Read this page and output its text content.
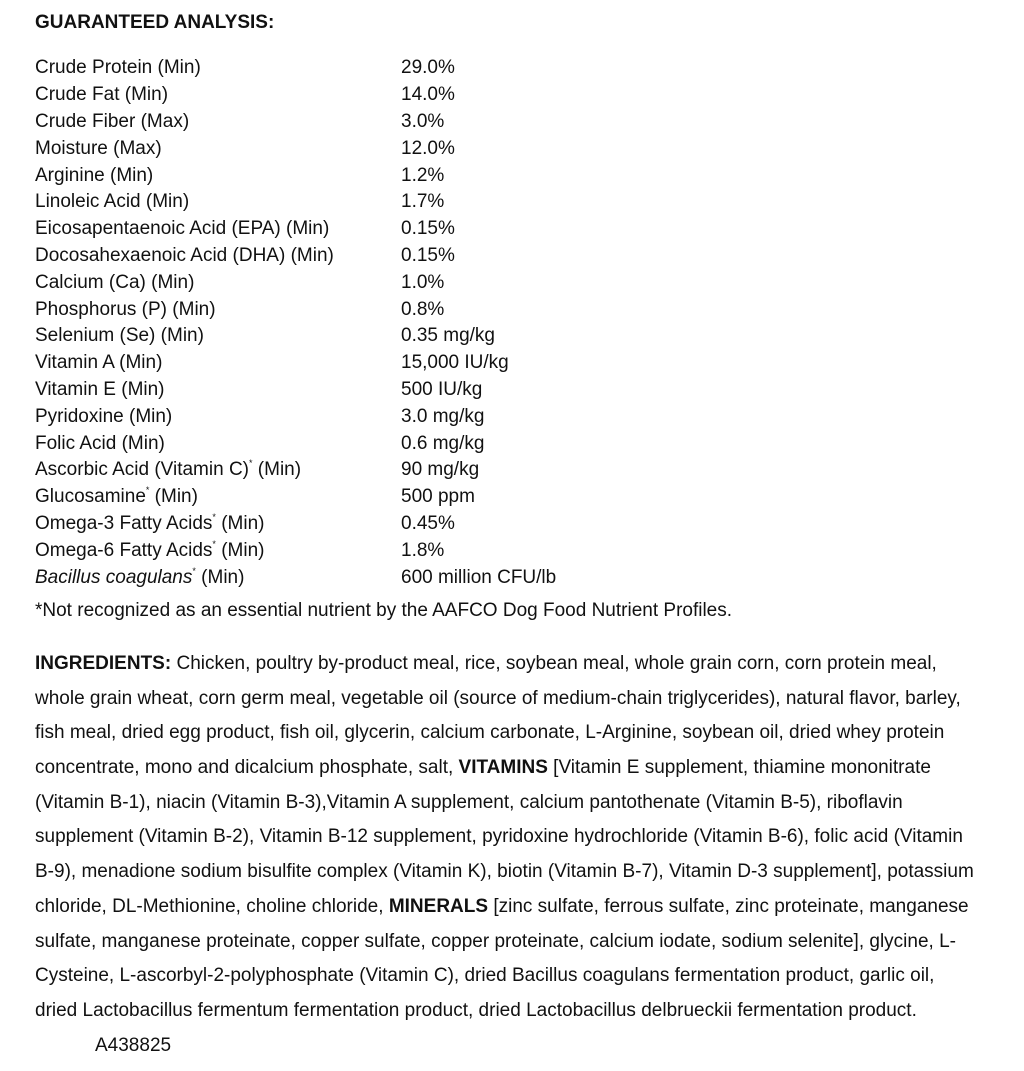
GUARANTEED ANALYSIS:
Crude Protein (Min)	29.0%
Crude Fat (Min)	14.0%
Crude Fiber (Max)	3.0%
Moisture (Max)	12.0%
Arginine (Min)	1.2%
Linoleic Acid (Min)	1.7%
Eicosapentaenoic Acid (EPA) (Min)	0.15%
Docosahexaenoic Acid (DHA) (Min)	0.15%
Calcium (Ca) (Min)	1.0%
Phosphorus (P) (Min)	0.8%
Selenium (Se) (Min)	0.35 mg/kg
Vitamin A (Min)	15,000 IU/kg
Vitamin E (Min)	500 IU/kg
Pyridoxine (Min)	3.0 mg/kg
Folic Acid (Min)	0.6 mg/kg
Ascorbic Acid (Vitamin C)* (Min)	90 mg/kg
Glucosamine* (Min)	500 ppm
Omega-3 Fatty Acids* (Min)	0.45%
Omega-6 Fatty Acids* (Min)	1.8%
Bacillus coagulans* (Min)	600 million CFU/lb
*Not recognized as an essential nutrient by the AAFCO Dog Food Nutrient Profiles.
INGREDIENTS: Chicken, poultry by-product meal, rice, soybean meal, whole grain corn, corn protein meal, whole grain wheat, corn germ meal, vegetable oil (source of medium-chain triglycerides), natural flavor, barley, fish meal, dried egg product, fish oil, glycerin, calcium carbonate, L-Arginine, soybean oil, dried whey protein concentrate, mono and dicalcium phosphate, salt, VITAMINS [Vitamin E supplement, thiamine mononitrate (Vitamin B-1), niacin (Vitamin B-3),Vitamin A supplement, calcium pantothenate (Vitamin B-5), riboflavin supplement (Vitamin B-2), Vitamin B-12 supplement, pyridoxine hydrochloride (Vitamin B-6), folic acid (Vitamin B-9), menadione sodium bisulfite complex (Vitamin K), biotin (Vitamin B-7), Vitamin D-3 supplement], potassium chloride, DL-Methionine, choline chloride, MINERALS [zinc sulfate, ferrous sulfate, zinc proteinate, manganese sulfate, manganese proteinate, copper sulfate, copper proteinate, calcium iodate, sodium selenite], glycine, L-Cysteine, L-ascorbyl-2-polyphosphate (Vitamin C), dried Bacillus coagulans fermentation product, garlic oil, dried Lactobacillus fermentum fermentation product, dried Lactobacillus delbrueckii fermentation product.A438825
